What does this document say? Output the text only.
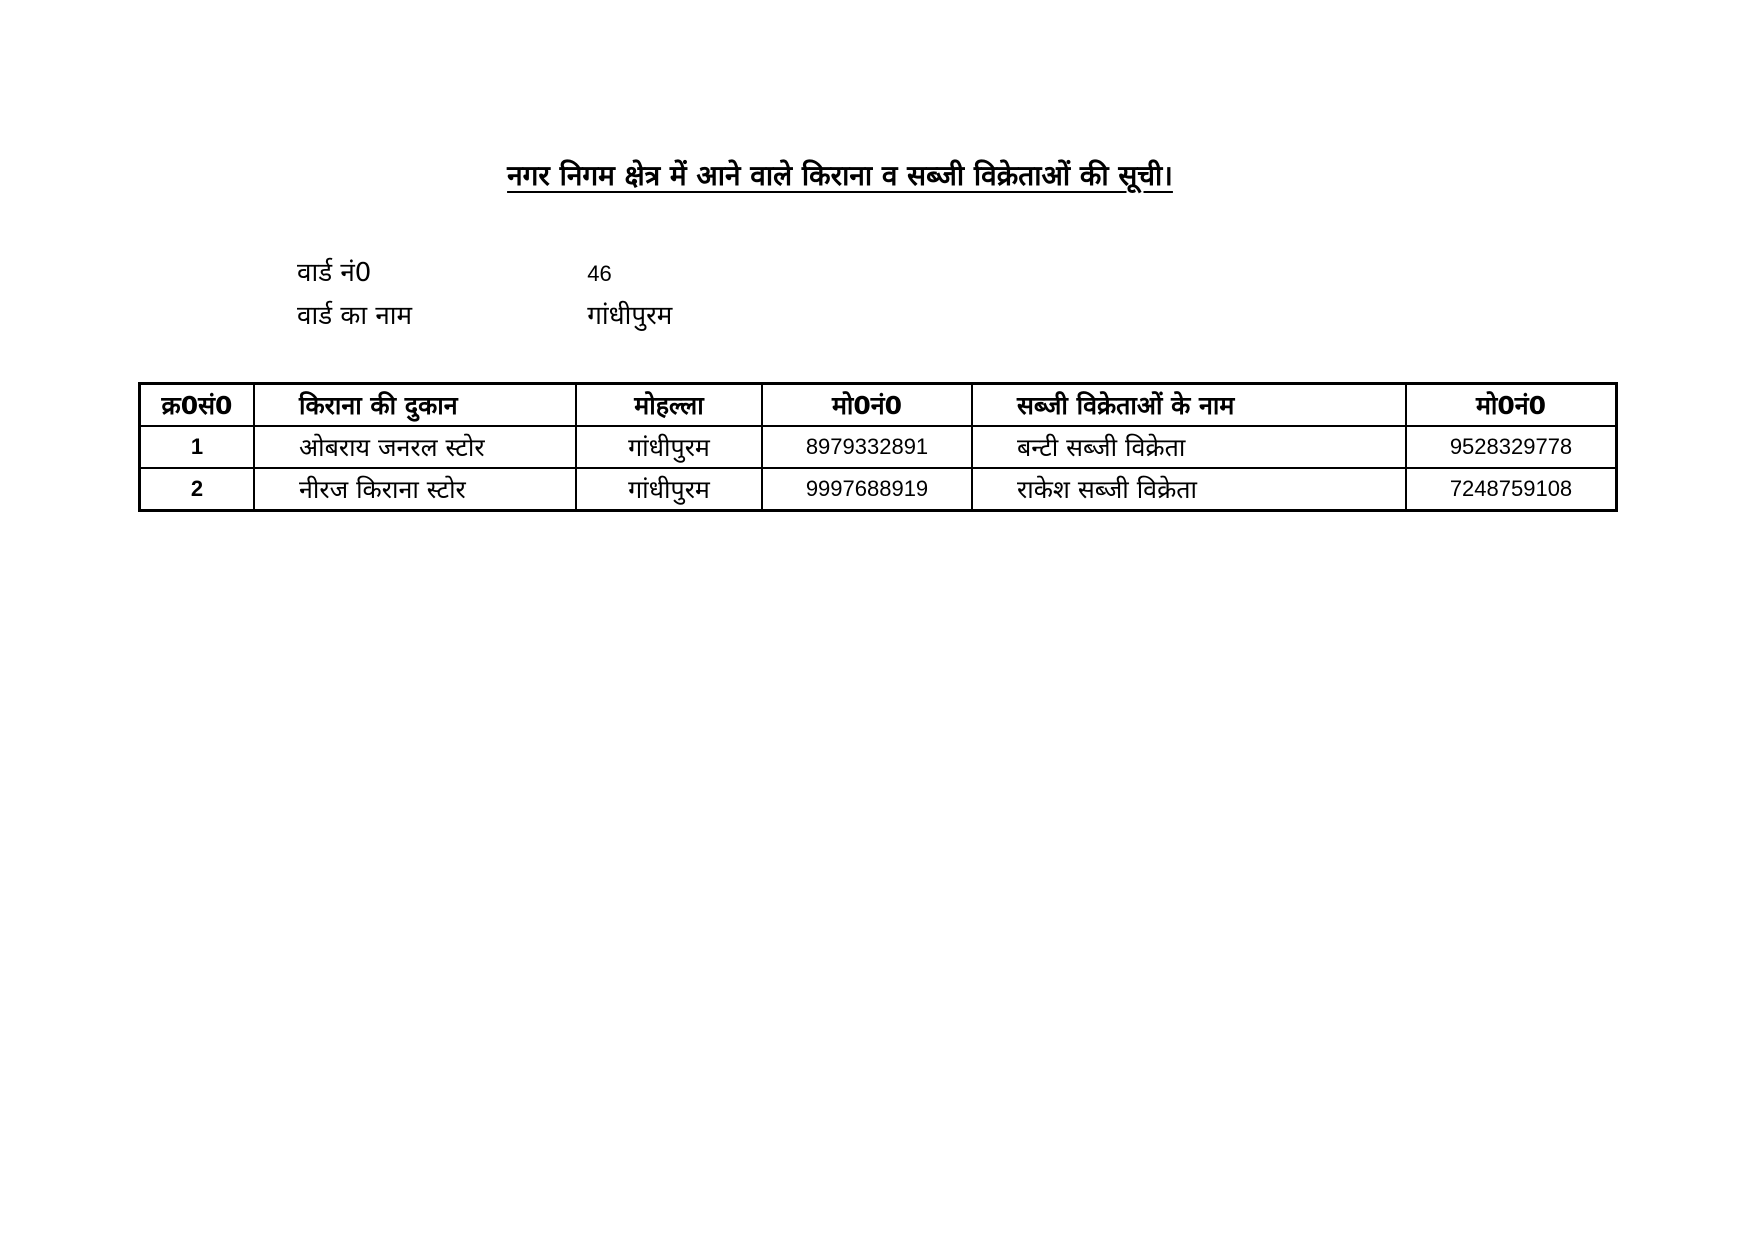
नगर निगम क्षेत्र में आने वाले किराना व सब्जी विक्रेताओं की सूची।
वार्ड नं0	46
वार्ड का नाम	गांधीपुरम
क्र0सं0	किराना की दुकान	मोहल्ला	मो0नं0	सब्जी विक्रेताओं के नाम	मो0नं0
1	ओबराय जनरल स्टोर	गांधीपुरम	8979332891	बन्टी सब्जी विक्रेता	9528329778
2	नीरज किराना स्टोर	गांधीपुरम	9997688919	राकेश सब्जी विक्रेता	7248759108
